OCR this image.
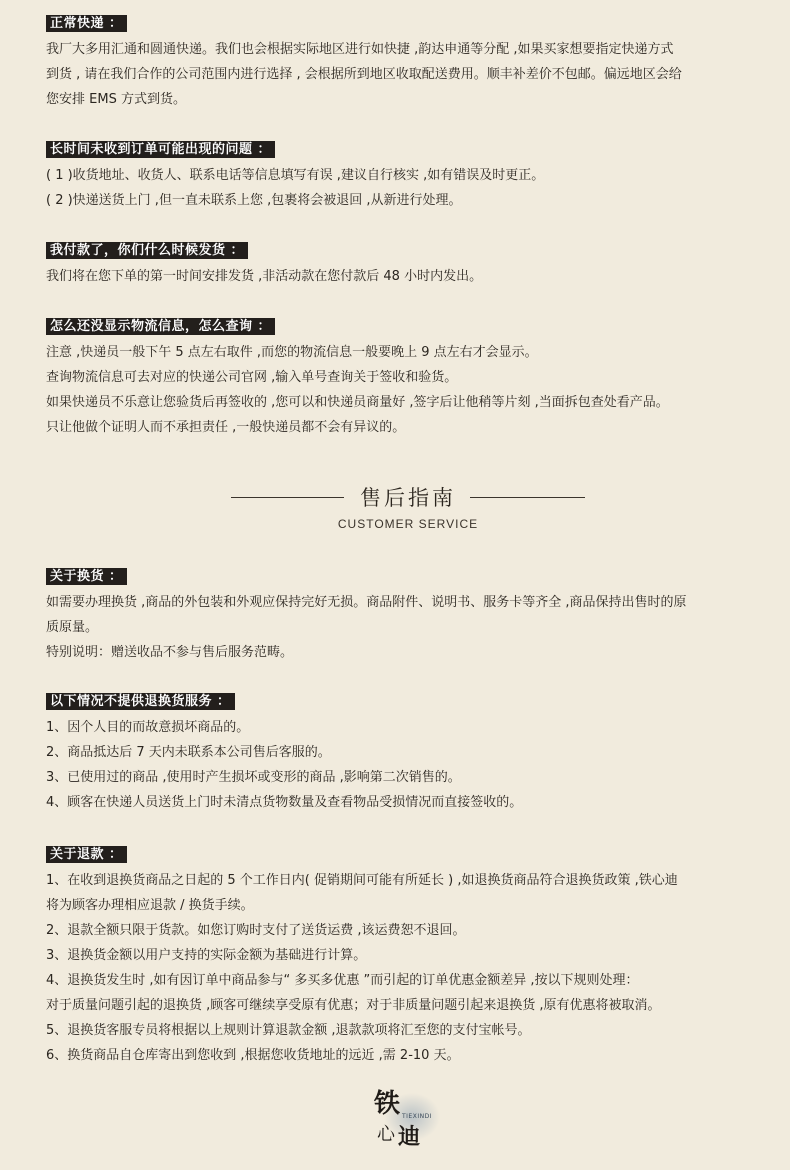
正常快递 ：
我厂大多用汇通和圆通快递。我们也会根据实际地区进行如快捷 ,韵达申通等分配 ,如果买家想要指定快递方式
到货 , 请在我们合作的公司范围内进行选择 , 会根据所到地区收取配送费用。顺丰补差价不包邮。偏远地区会给
您安排 EMS 方式到货。
长时间未收到订单可能出现的问题 ：
( 1 )收货地址、收货人、联系电话等信息填写有误 ,建议自行核实 ,如有错误及时更正。
( 2 )快递送货上门 ,但一直未联系上您 ,包裹将会被退回 ,从新进行处理。
我付款了，你们什么时候发货 ：
我们将在您下单的第一时间安排发货 ,非活动款在您付款后 48 小时内发出。
怎么还没显示物流信息，怎么查询 ：
注意 ,快递员一般下午 5 点左右取件 ,而您的物流信息一般要晚上 9 点左右才会显示。
查询物流信息可去对应的快递公司官网 ,输入单号查询关于签收和验货。
如果快递员不乐意让您验货后再签收的 ,您可以和快递员商量好 ,签字后让他稍等片刻 ,当面拆包查处看产品。
只让他做个证明人而不承担责任 ,一般快递员都不会有异议的。
售后指南
CUSTOMER SERVICE
关于换货 ：
如需要办理换货 ,商品的外包装和外观应保持完好无损。商品附件、说明书、服务卡等齐全 ,商品保持出售时的原
质原量。
特别说明：赠送收品不参与售后服务范畴。
以下情况不提供退换货服务 ：
1、因个人目的而故意损坏商品的。
2、商品抵达后 7 天内未联系本公司售后客服的。
3、已使用过的商品 ,使用时产生损坏或变形的商品 ,影响第二次销售的。
4、顾客在快递人员送货上门时未清点货物数量及查看物品受损情况而直接签收的。
关于退款 ：
1、在收到退换货商品之日起的 5 个工作日内( 促销期间可能有所延长 ) ,如退换货商品符合退换货政策 ,铁心迪
将为顾客办理相应退款 / 换货手续。
2、退款全额只限于货款。如您订购时支付了送货运费 ,该运费恕不退回。
3、退换货金额以用户支持的实际金额为基础进行计算。
4、退换货发生时 ,如有因订单中商品参与“ 多买多优惠 ”而引起的订单优惠金额差异 ,按以下规则处理：
对于质量问题引起的退换货 ,顾客可继续享受原有优惠；对于非质量问题引起来退换货 ,原有优惠将被取消。
5、退换货客服专员将根据以上规则计算退款金额 ,退款款项将汇至您的支付宝帐号。
6、换货商品自仓库寄出到您收到 ,根据您收货地址的远近 ,需 2-10 天。
铁
心 迪
TIEXINDI
